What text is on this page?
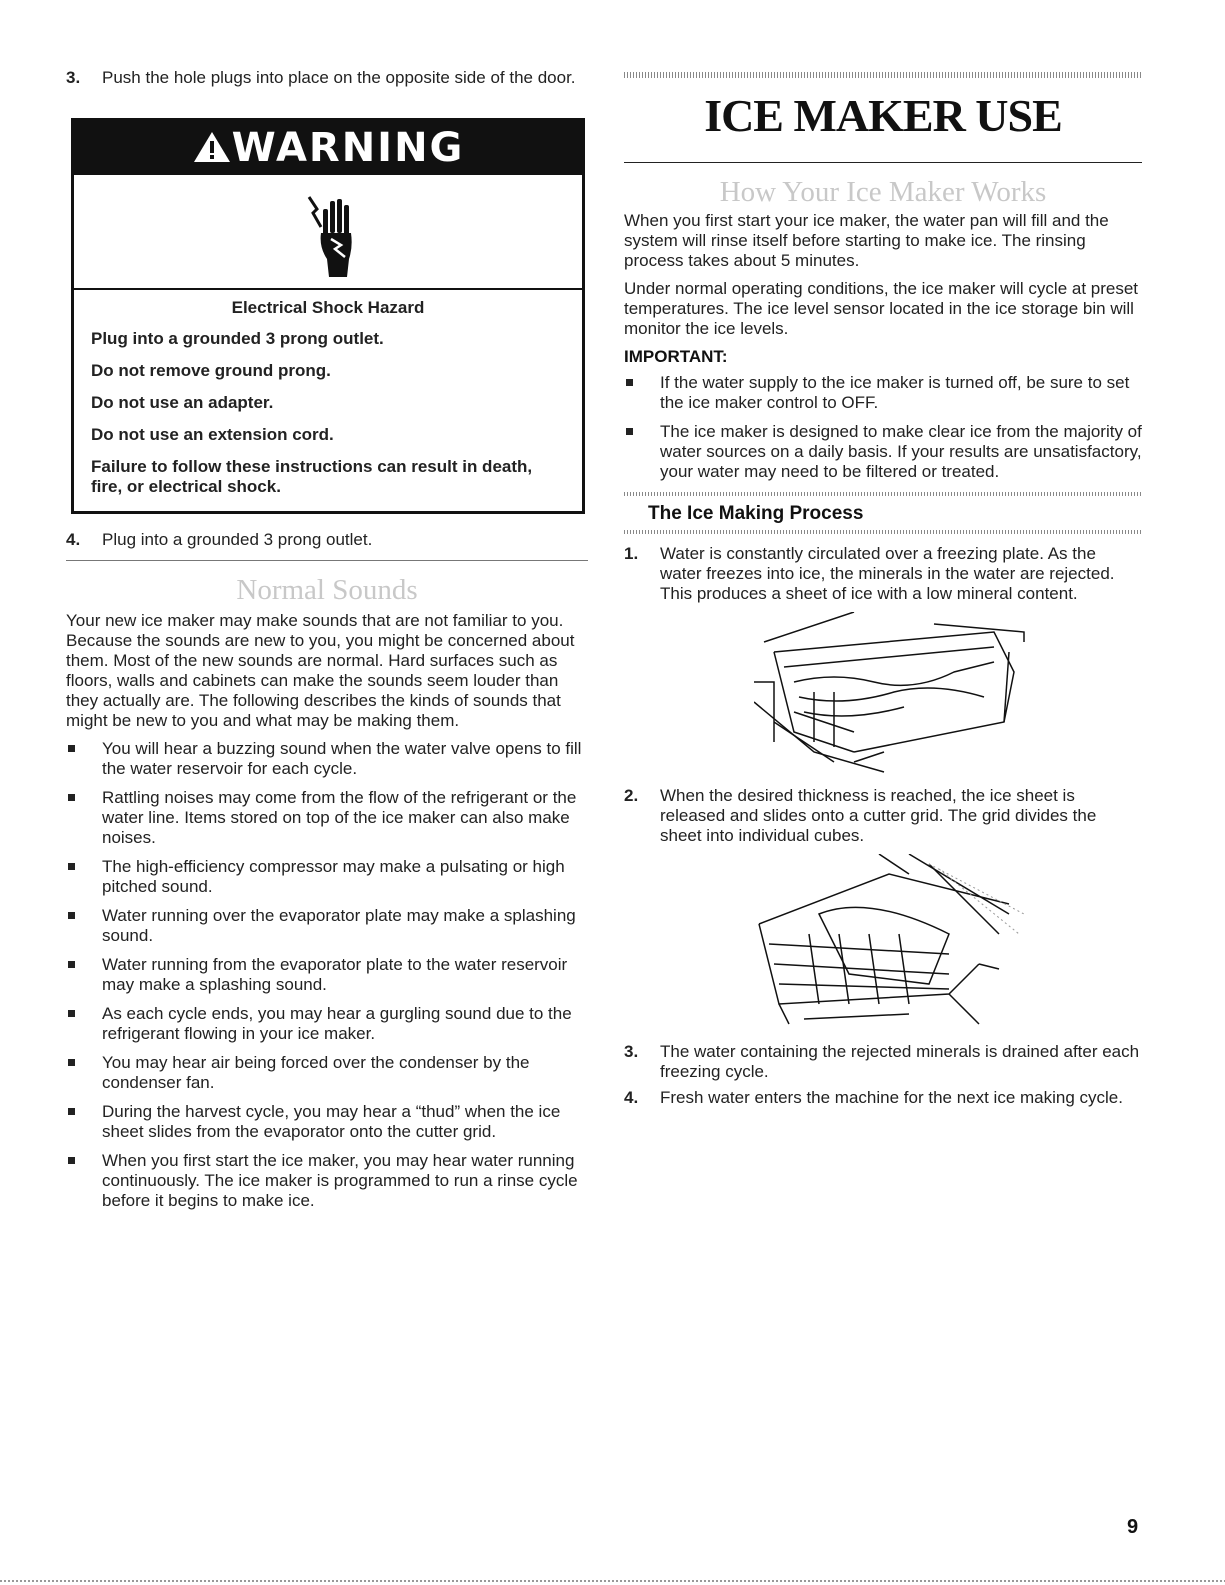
3.	Push the hole plugs into place on the opposite side of the door.

WARNING

Electrical Shock Hazard

Plug into a grounded 3 prong outlet.

Do not remove ground prong.

Do not use an adapter.

Do not use an extension cord.

Failure to follow these instructions can result in death, fire, or electrical shock.

4.	Plug into a grounded 3 prong outlet.

Normal Sounds

Your new ice maker may make sounds that are not familiar to you. Because the sounds are new to you, you might be concerned about them. Most of the new sounds are normal. Hard surfaces such as floors, walls and cabinets can make the sounds seem louder than they actually are. The following describes the kinds of sounds that might be new to you and what may be making them.

You will hear a buzzing sound when the water valve opens to fill the water reservoir for each cycle.
Rattling noises may come from the flow of the refrigerant or the water line. Items stored on top of the ice maker can also make noises.
The high-efficiency compressor may make a pulsating or high pitched sound.
Water running over the evaporator plate may make a splashing sound.
Water running from the evaporator plate to the water reservoir may make a splashing sound.
As each cycle ends, you may hear a gurgling sound due to the refrigerant flowing in your ice maker.
You may hear air being forced over the condenser by the condenser fan.
During the harvest cycle, you may hear a “thud” when the ice sheet slides from the evaporator onto the cutter grid.
When you first start the ice maker, you may hear water running continuously. The ice maker is programmed to run a rinse cycle before it begins to make ice.
ICE MAKER USE
How Your Ice Maker Works

When you first start your ice maker, the water pan will fill and the system will rinse itself before starting to make ice. The rinsing process takes about 5 minutes.

Under normal operating conditions, the ice maker will cycle at preset temperatures. The ice level sensor located in the ice storage bin will monitor the ice levels.

IMPORTANT:

If the water supply to the ice maker is turned off, be sure to set the ice maker control to OFF.
The ice maker is designed to make clear ice from the majority of water sources on a daily basis. If your results are unsatisfactory, your water may need to be filtered or treated.
The Ice Making Process
1.	Water is constantly circulated over a freezing plate. As the water freezes into ice, the minerals in the water are rejected. This produces a sheet of ice with a low mineral content.

2.	When the desired thickness is reached, the ice sheet is released and slides onto a cutter grid. The grid divides the sheet into individual cubes.

3.	The water containing the rejected minerals is drained after each freezing cycle.

4.	Fresh water enters the machine for the next ice making cycle.

9
